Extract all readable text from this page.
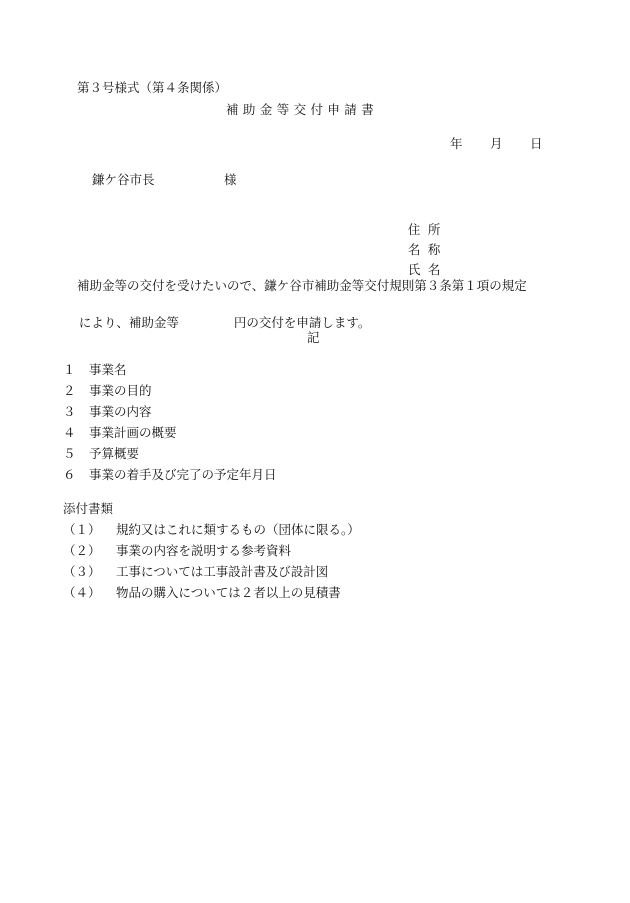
第３号様式（第４条関係）
補助金等交付申請書
年 月 日
鎌ケ谷市長	様

住 所

名 称

氏 名

補助金等の交付を受けたいので、鎌ケ谷市補助金等交付規則第３条第１項の規定

により、補助金等	円の交付を申請します。

記
１ 事業名
２ 事業の目的
３ 事業の内容
４ 事業計画の概要
５ 予算概要
６ 事業の着手及び完了の予定年月日
添付書類
（１） 規約又はこれに類するもの（団体に限る。）
（２） 事業の内容を説明する参考資料
（３） 工事については工事設計書及び設計図
（４） 物品の購入については２者以上の見積書
